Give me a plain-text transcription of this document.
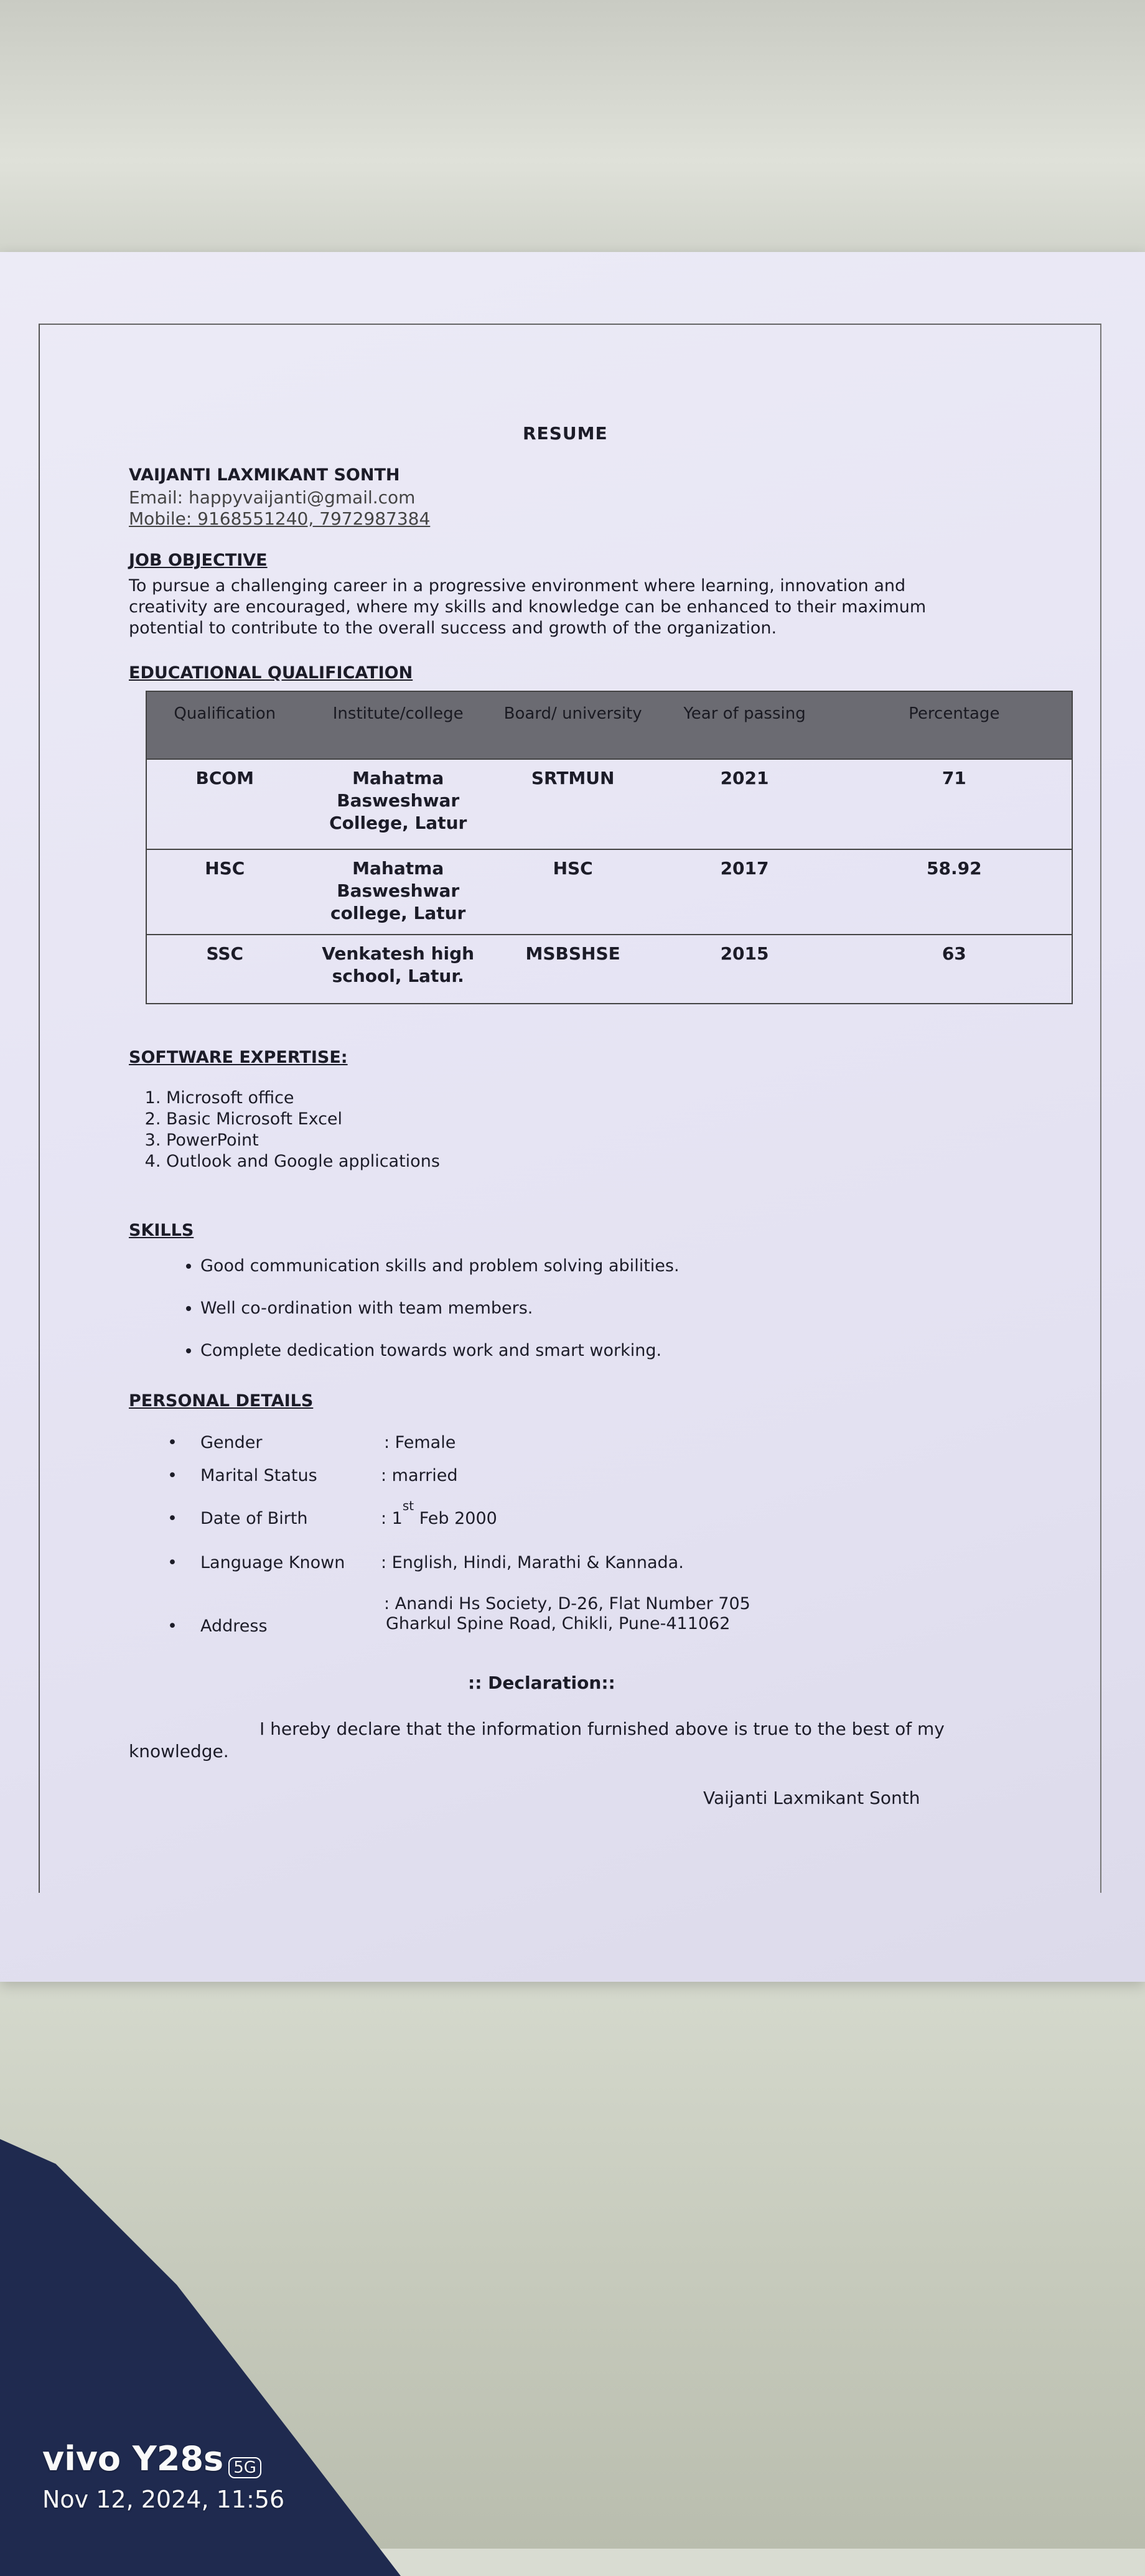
RESUME
VAIJANTI LAXMIKANT SONTH
Email: happyvaijanti@gmail.com
Mobile: 9168551240, 7972987384
JOB OBJECTIVE
To pursue a challenging career in a progressive environment where learning, innovation and
creativity are encouraged, where my skills and knowledge can be enhanced to their maximum
potential to contribute to the overall success and growth of the organization.
EDUCATIONAL QUALIFICATION
Qualification	Institute/college	Board/ university	Year of passing	Percentage
BCOM	Mahatma Basweshwar College, Latur	SRTMUN	2021	71
HSC	Mahatma Basweshwar college, Latur	HSC	2017	58.92
SSC	Venkatesh high school, Latur.	MSBSHSE	2015	63
SOFTWARE EXPERTISE:
1. Microsoft office
2. Basic Microsoft Excel
3. PowerPoint
4. Outlook and Google applications
SKILLS
• Good communication skills and problem solving abilities.
• Well co-ordination with team members.
• Complete dedication towards work and smart working.
PERSONAL DETAILS
• Gender	: Female
• Marital Status	: married
• Date of Birth	: 1st Feb 2000
• Language Known : English, Hindi, Marathi & Kannada.
: Anandi Hs Society, D-26, Flat Number 705
• Address	Gharkul Spine Road, Chikli, Pune-411062
:: Declaration::
I hereby declare that the information furnished above is true to the best of my
knowledge.
Vaijanti Laxmikant Sonth
vivo Y28s 5G
Nov 12, 2024, 11:56
